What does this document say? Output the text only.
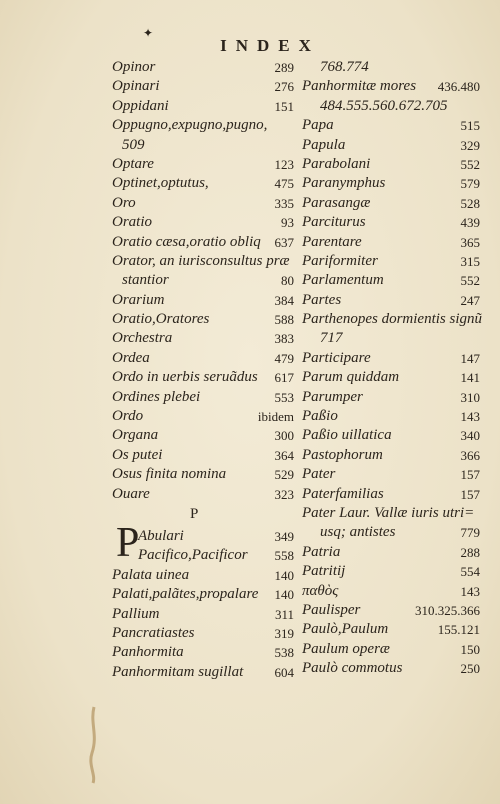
✦
INDEX
Opinor	289
Opinari	276
Oppidani	151
Oppugno,expugno,pugno,
509
Optare	123
Optinet,optutus,	475
Oro	335
Oratio	93
Oratio cæsa,oratio obliq 637
Orator, an iurisconsultus præ
stantior	80
Orarium	384
Oratio,Oratores	588
Orchestra	383
Ordea	479
Ordo in uerbis seruãdus 617
Ordines plebei	553
Ordo	ibidem
Organa	300
Os putei	364
Osus finita nomina	529
Ouare	323
P
P
Abulari	349
Pacifico,Pacificor 558
Palata uinea	140
Palati,palãtes,propalare 140
Pallium	311
Pancratiastes	319
Panhormita	538
Panhormitam sugillat 604
768.774
Panhormitæ mores 436.480
484.555.560.672.705
Papa	515
Papula	329
Parabolani	552
Paranymphus	579
Parasangæ	528
Parciturus	439
Parentare	365
Pariformiter	315
Parlamentum	552
Partes	247
Parthenopes dormientis signũ
717
Participare	147
Parum quiddam	141
Parumper	310
Paßio	143
Paßio uillatica	340
Pastophorum	366
Pater	157
Paterfamilias	157
Pater Laur. Vallæ iuris utri=
usq; antistes	779
Patria	288
Patritij	554
παθὸς	143
Paulisper	310.325.366
Paulò,Paulum	155.121
Paulum operæ	150
Paulò commotus	250
